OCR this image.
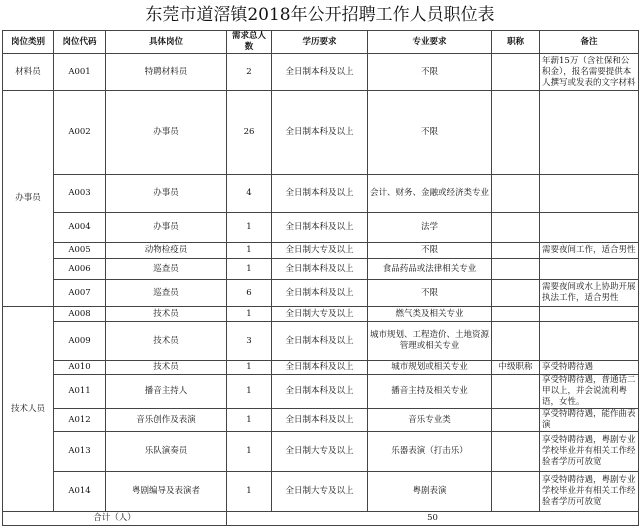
东莞市道滘镇2018年公开招聘工作人员职位表
岗位类别	岗位代码	具体岗位	需求总人数	学历要求	专业要求	职称	备注
材料员	A001	特聘材料员	2	全日制本科及以上	不限		年薪15万（含社保和公积金），报名需要提供本人撰写或发表的文字材料

办事员	A002	办事员	26	全日制本科及以上	不限		
	A003	办事员	4	全日制本科及以上	会计、财务、金融或经济类专业		
	A004	办事员	1	全日制本科及以上	法学		
	A005	动物检疫员	1	全日制大专及以上	不限		需要夜间工作，适合男性
	A006	巡查员	1	全日制本科及以上	食品药品或法律相关专业		
	A007	巡查员	6	全日制本科及以上	不限		需要夜间或水上协助开展执法工作，适合男性
技术人员	A008	技术员	1	全日制大专及以上	燃气类及相关专业		
	A009	技术员	3	全日制本科及以上	城市规划、工程造价、土地资源管理或相关专业		
	A010	技术员	1	全日制本科及以上	城市规划或相关专业	中级职称	享受特聘待遇
	A011	播音主持人	1	全日制本科及以上	播音主持及相关专业		享受特聘待遇，普通话二甲以上，并会说流利粤语，女性。
	A012	音乐创作及表演	1	全日制本科及以上	音乐专业类		享受特聘待遇，能作曲表演
	A013	乐队演奏员	1	全日制大专及以上	乐器表演（打击乐）		享受特聘待遇，粤剧专业学校毕业并有相关工作经验者学历可放宽
	A014	粤剧编导及表演者	1	全日制大专及以上	粤剧表演		享受特聘待遇，粤剧专业学校毕业并有相关工作经验者学历可放宽
合计（人）			50				
